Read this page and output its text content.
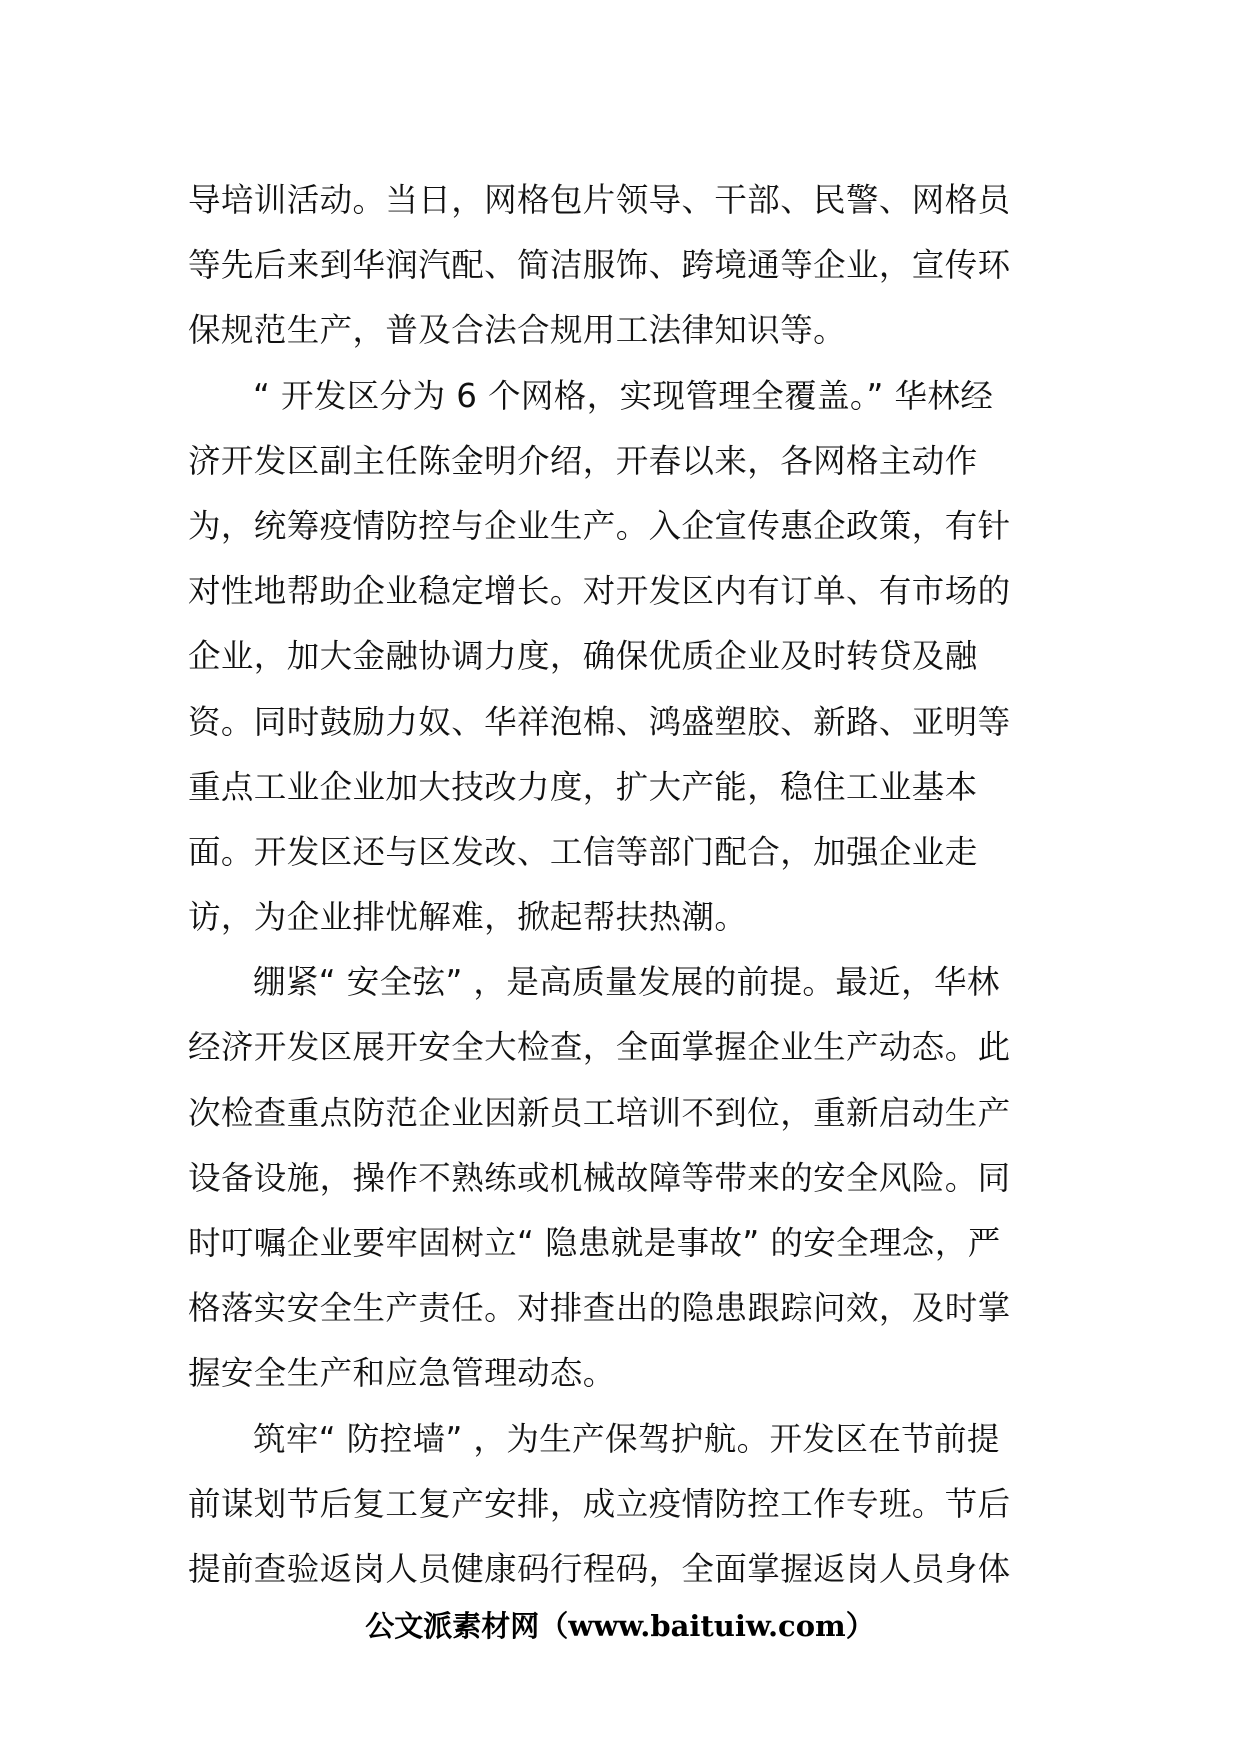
导培训活动。当日，网格包片领导、干部、民警、网格员
等先后来到华润汽配、简洁服饰、跨境通等企业，宣传环
保规范生产，普及合法合规用工法律知识等。
“ 开发区分为 6 个网格，实现管理全覆盖。” 华林经
济开发区副主任陈金明介绍，开春以来，各网格主动作
为，统筹疫情防控与企业生产。入企宣传惠企政策，有针
对性地帮助企业稳定增长。对开发区内有订单、有市场的
企业，加大金融协调力度，确保优质企业及时转贷及融
资。同时鼓励力奴、华祥泡棉、鸿盛塑胶、新路、亚明等
重点工业企业加大技改力度，扩大产能，稳住工业基本
面。开发区还与区发改、工信等部门配合，加强企业走
访，为企业排忧解难，掀起帮扶热潮。
绷紧“ 安全弦” ，是高质量发展的前提。最近，华林
经济开发区展开安全大检查，全面掌握企业生产动态。此
次检查重点防范企业因新员工培训不到位，重新启动生产
设备设施，操作不熟练或机械故障等带来的安全风险。同
时叮嘱企业要牢固树立“ 隐患就是事故” 的安全理念，严
格落实安全生产责任。对排查出的隐患跟踪问效，及时掌
握安全生产和应急管理动态。
筑牢“ 防控墙” ，为生产保驾护航。开发区在节前提
前谋划节后复工复产安排，成立疫情防控工作专班。节后
提前查验返岗人员健康码行程码，全面掌握返岗人员身体
公文派素材网（www.baituiw.com）
